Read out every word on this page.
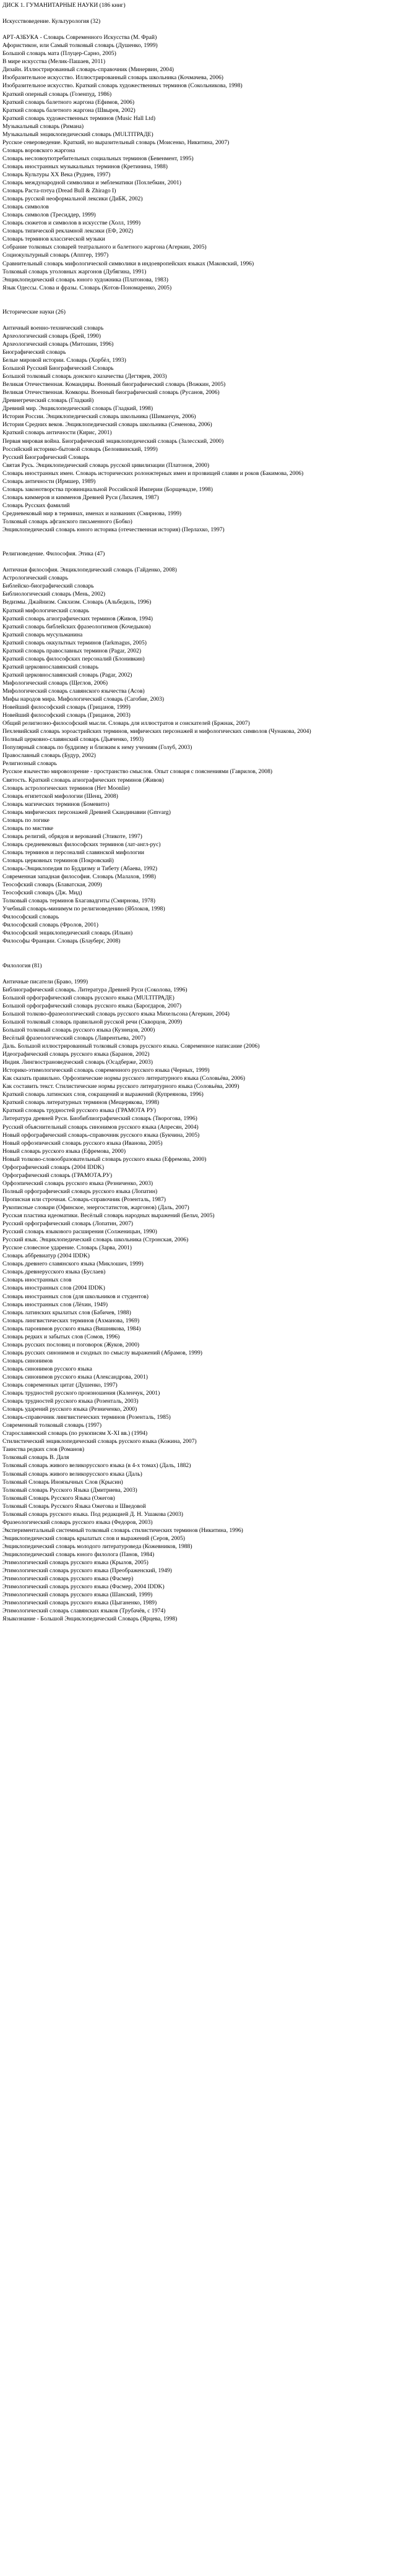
ДИСК 1. ГУМАНИТАРНЫЕ НАУКИ (186 книг)
Искусствоведение. Культурология (32)
АРТ-АЗБУКА - Словарь Современного Искусства (М. Фрай)
Афористикон, или Самый толковый словарь (Душенко, 1999)
Большой словарь мата (Плуцер-Сарно, 2005)
В мире искусства (Мелик-Пашаев, 2011)
Дизайн. Иллюстрированный словарь-справочник (Минервин, 2004)
Изобразительное искусство. Иллюстрированный словарь школьника (Кочмачева, 2006)
Изобразительное искусство. Краткий словарь художественных терминов (Сокольникова, 1998)
Краткий оперный словарь (Гозенпуд, 1986)
Краткий словарь балетного жаргона (Ефимов, 2006)
Краткий словарь балетного жаргона (Швырев, 2002)
Краткий словарь художественных терминов (Music Hall Ltd)
Музыкальный словарь (Римана)
Музыкальный энциклопедический словарь (MULTIТРАДЕ)
Русское североведение. Краткий, но выразительный словарь (Моисенко, Никитина, 2007)
Словарь воровского жаргона
Словарь несловоупотребительных социальных терминов (Бевенмент, 1995)
Словарь иностранных музыкальных терминов (Кретинина, 1988)
Словарь Культуры XX Века (Руднев, 1997)
Словарь международной символики и эмблематики (Похлебкин, 2001)
Словарь Раста-пэтуа (Dread Bull & Zhirago I)
Словарь русской неоформальной лексики (ДиБК, 2002)
Словарь символов
Словарь символов (Тресиддер, 1999)
Словарь сюжетов и символов в искусстве (Холл, 1999)
Словарь типической рекламной лексики (ЕФ, 2002)
Словарь терминов классической музыки
Собрание толковых словарей театрального и балетного жаргона (Агеркин, 2005)
Социокультурный словарь (Аппгер, 1997)
Сравнительный словарь мифологической символики в индоевропейских языках (Маковский, 1996)
Толковый словарь уголовных жаргонов (Дубягина, 1991)
Энциклопедический словарь юного художника (Платонова, 1983)
Язык Одессы. Слова и фразы. Словарь (Котов-Пономаренко, 2005)
Исторические науки (26)
Античный военно-технический словарь
Археологический словарь (Брей, 1990)
Археологический словарь (Митошин, 1996)
Биографический словарь
Белые мировой истории. Словарь (Хорбёл, 1993)
Большой Русский Биографический Словарь
Большой толковый словарь донского казачества (Дегтярев, 2003)
Великая Отечественная. Командиры. Военный биографический словарь (Вожкин, 2005)
Великая Отечественная. Комкоры. Военный биографический словарь (Русанов, 2006)
Древнегреческий словарь (Гладкий)
Древний мир. Энциклопедический словарь (Гладкий, 1998)
История России. Энциклопедический словарь школьника (Шиманчук, 2006)
История Средних веков. Энциклопедический словарь школьника (Семенова, 2006)
Краткий словарь античности (Кирис, 2001)
Первая мировая война. Биографический энциклопедический словарь (Залесский, 2000)
Российский историко-бытовой словарь (Белоивинский, 1999)
Русский Биографический Словарь
Святая Русь. Энциклопедический словарь русской цивилизации (Платонов, 2000)
Словарь иностранных имен. Словарь исторических ролонжтерных имен и прозвищей славян и роков (Бакимова, 2006)
Словарь античности (Ирмшер, 1989)
Словарь законотворства провинциальной Российской Империи (Борщевадзе, 1998)
Словарь киммеров и кимменов Древней Руси (Лихачев, 1987)
Словарь Русских фамилий
Средневековый мир в терминах, именах и названиях (Смирнова, 1999)
Толковый словарь афганского письменного (Бобко)
Энциклопедический словарь юного историка (отечественная история) (Перлахко, 1997)
Религиоведение. Философия. Этика (47)
Античная философия. Энциклопедический словарь (Гайденко, 2008)
Астрологический словарь
Библейско-биографический словарь
Библиологический словарь (Мень, 2002)
Ведизмы. Джайнизм. Сикхизм. Словарь (Альбедиль, 1996)
Краткий мифологический словарь
Краткий словарь агиографических терминов (Живов, 1994)
Краткий словарь библейских фразеологизмов (Кочедыков)
Краткий словарь мусульманина
Краткий словарь оккультных терминов (farkmagus, 2005)
Краткий словарь православных терминов (Pagar, 2002)
Краткий словарь философских персоналий (Блонивкин)
Краткий церковнославянский словарь
Краткий церковнославянский словарь (Pagar, 2002)
Мифологический словарь (Щеглов, 2006)
Мифологический словарь славянского язычества (Асов)
Мифы народов мира. Мифологический словарь (Сагобие, 2003)
Новейший философский словарь (Грицанов, 1999)
Новейший философский словарь (Грицанов, 2003)
Общий религиозно-философский мысли. Словарь для иллюстратов и соискателей (Бржнак, 2007)
Пехлевийский словарь зороастрийских терминов, мифических персонажей и мифологических символов (Чунакова, 2004)
Полный церковно-славянский словарь (Дьяченко, 1993)
Популярный словарь по буддизму и близким к нему учениям (Голуб, 2003)
Православный словарь (Будур, 2002)
Религиозный словарь
Русское язычество мировоззрение - пространство смыслов. Опыт словаря с пояснениями (Гаврилов, 2008)
Святость. Краткий словарь агиографических терминов (Живов)
Словарь астрологических терминов (Нет Moonlie)
Словарь египетской мифологии (Шенц, 2008)
Словарь магических терминов (Бомевито)
Словарь мифических персонажей Древней Скандинавии (Gmvarg)
Словарь по логике
Словарь по мистике
Словарь религий, обрядов и верований (Эликоте, 1997)
Словарь средневековых философских терминов (лат-англ-рус)
Словарь терминов и персоналий славянской мифологии
Словарь церковных терминов (Покровский)
Словарь-Энциклопедия по Буддизму и Тибету (Абаева, 1992)
Современная западная философия. Словарь (Малахов, 1998)
Теософский словарь (Блаватская, 2009)
Теософский словарь (Дж. Мид)
Толковый словарь терминов Бхагавадгиты (Смирнова, 1978)
Учебный словарь-минимум по религиоведению (Яблоков, 1998)
Философский словарь
Философский словарь (Фролов, 2001)
Философский энциклопедический словарь (Ильин)
Философы Франции. Словарь (Блауберг, 2008)
Филология (81)
Античные писатели (Браво, 1999)
Библиографический словарь. Литература Древней Руси (Соколова, 1996)
Большой орфографический словарь русского языка (MULTIТРАДЕ)
Большой орфографический словарь русского языка (Барогдаров, 2007)
Большой толково-фразеологический словарь русского языка Михельсона (Агеркин, 2004)
Большой толковый словарь правильной русской речи (Скворцов, 2009)
Большой толковый словарь русского языка (Кузнецов, 2000)
Весёлый фразеологический словарь (Лаврентьева, 2007)
Даль. Большой иллюстрированный толковый словарь русского языка. Современное написание (2006)
Идеографический словарь русского языка (Баранов, 2002)
Индия. Лингвострановедческий словарь (Осадберже, 2003)
Историко-этимологический словарь современного русского языка (Черных, 1999)
Как сказать правильно. Орфоэпические нормы русского литературного языка (Соловьёва, 2006)
Как составить текст. Стилистические нормы русского литературного языка (Соловьёва, 2009)
Краткий словарь латинских слов, сокращений и выражений (Купреянова, 1996)
Краткий словарь литературных терминов (Мещерякова, 1998)
Краткий словарь трудностей русского языка (ГРАМОТА РУ)
Литература древней Руси. Биобиблиографический словарь (Творогова, 1996)
Русский объяснительный словарь синонимов русского языка (Апресян, 2004)
Новый орфографический словарь-справочник русского языка (Букчина, 2005)
Новый орфоэпический словарь русского языка (Иванова, 2005)
Новый словарь русского языка (Ефремова, 2000)
Новый толково-словообразовательный словарь русского языка (Ефремова, 2000)
Орфографический словарь (2004 IDDK)
Орфографический словарь (ГРАМОТА.РУ)
Орфоэпический словарь русского языка (Резниченко, 2003)
Полный орфографический словарь русского языка (Лопатин)
Прописная или строчная. Словарь-справочник (Розенталь, 1987)
Рукописные словари (Офинское, энергостатистов, жаргонов) (Даль, 2007)
Русская пластика идеоматики. Весёлый словарь народных выражений (Бельч, 2005)
Русский орфографический словарь (Лопатин, 2007)
Русский словарь языкового расширения (Солженицын, 1990)
Русский язык. Энциклопедический словарь школьника (Стронская, 2006)
Русское словесное ударение. Словарь (Зарва, 2001)
Словарь аббревиатур (2004 IDDK)
Словарь древнего славянского языка (Миклошич, 1999)
Словарь древнерусского языка (Буслаев)
Словарь иностранных слов
Словарь иностранных слов (2004 IDDK)
Словарь иностранных слов (для школьников и студентов)
Словарь иностранных слов (Лёхин, 1949)
Словарь латинских крылатых слов (Бабичев, 1988)
Словарь лингвистических терминов (Ахманова, 1969)
Словарь паронимов русского языка (Вишнякова, 1984)
Словарь редких и забытых слов (Сомов, 1996)
Словарь русских пословиц и поговорок (Жуков, 2000)
Словарь русских синонимов и сходных по смыслу выражений (Абрамов, 1999)
Словарь синонимов
Словарь синонимов русского языка
Словарь синонимов русского языка (Александрова, 2001)
Словарь современных цитат (Душенко, 1997)
Словарь трудностей русского произношения (Каленчук, 2001)
Словарь трудностей русского языка (Розенталь, 2003)
Словарь ударений русского языка (Резниченко, 2000)
Словарь-справочник лингвистических терминов (Розенталь, 1985)
Современный толковый словарь (1997)
Старославянский словарь (по рукописям X-XI вв.) (1994)
Стилистический энциклопедический словарь русского языка (Кожина, 2007)
Таинства редких слов (Романов)
Толковый словарь В. Даля
Толковый словарь живого великорусского языка (в 4-х томах) (Даль, 1882)
Толковый словарь живого великорусского языка (Даль)
Толковый Словарь Иноязычных Слов (Крысин)
Толковый словарь Русского Языка (Дмитриева, 2003)
Толковый Словарь Русского Языка (Ожегов)
Толковый Словарь Русского Языка Ожегова и Шведовой
Толковый словарь русского языка. Под редакцией Д. Н. Ушакова (2003)
Фразеологический словарь русского языка (Федоров, 2003)
Экспериментальный системный толковый словарь стилистических терминов (Никитина, 1996)
Энциклопедический словарь крылатых слов и выражений (Серов, 2005)
Энциклопедический словарь молодого литературоведа (Кожевников, 1988)
Энциклопедический словарь юного филолога (Панов, 1984)
Этимологический словарь русского языка (Крылов, 2005)
Этимологический словарь русского языка (Преображенский, 1949)
Этимологический словарь русского языка (Фасмер)
Этимологический словарь русского языка (Фасмер, 2004 IDDK)
Этимологический словарь русского языка (Шанский, 1999)
Этимологический словарь русского языка (Цыганенко, 1989)
Этимологический словарь славянских языков (Трубачёв, с 1974)
Языкознание - Большой Энциклопедический Словарь (Ярцева, 1998)
